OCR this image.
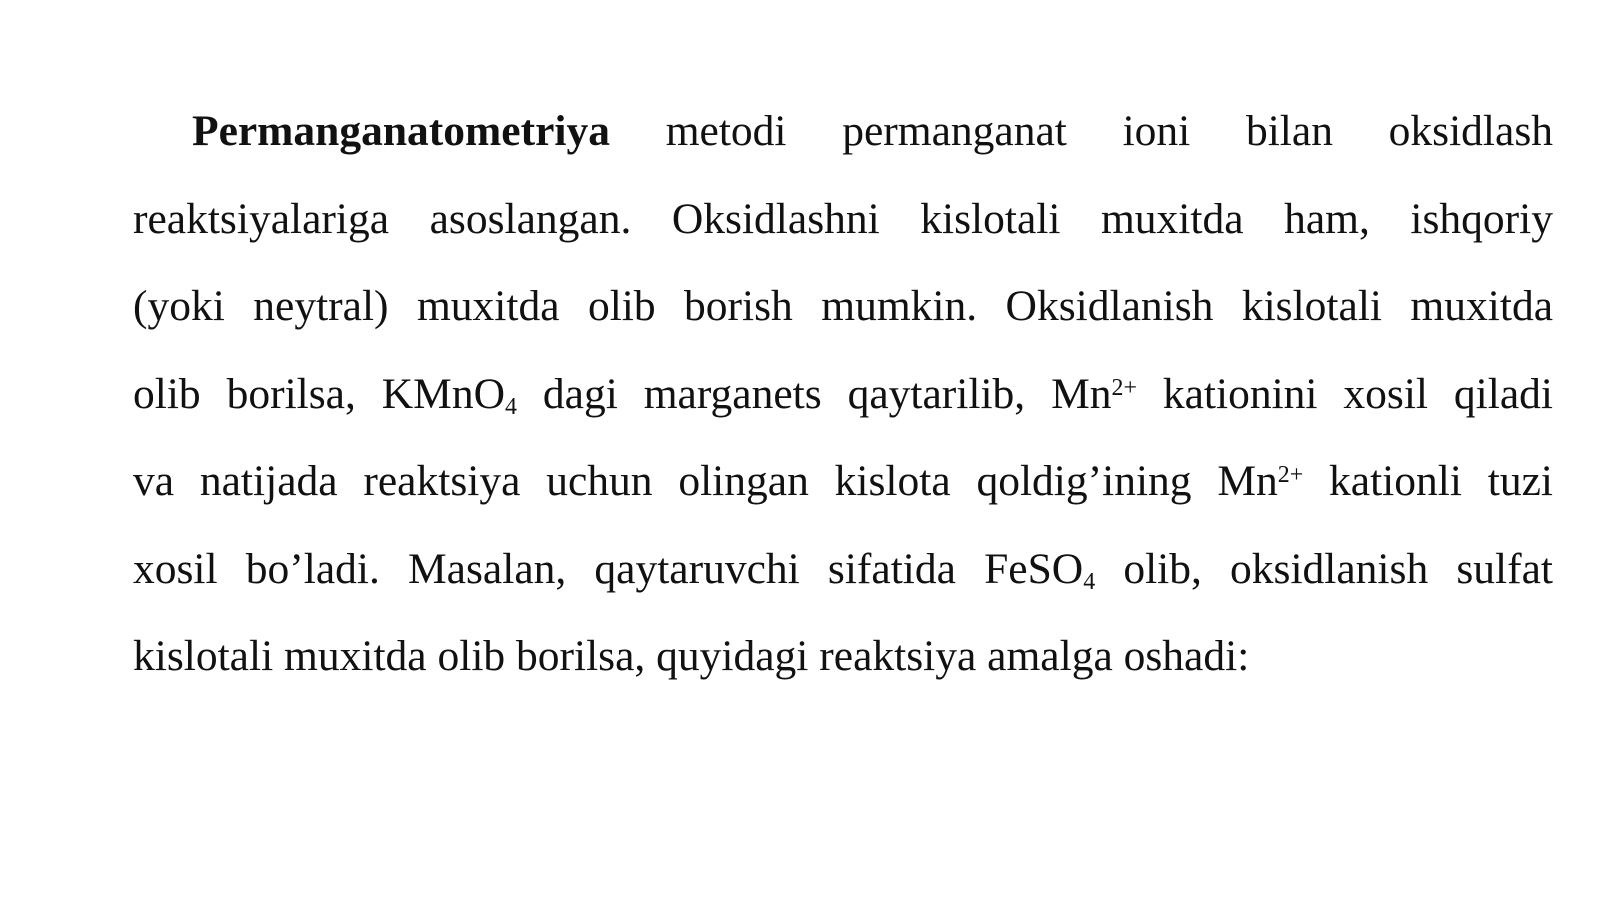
Permanganatometriya metodi permanganat ioni bilan oksidlash
reaktsiyalariga asoslangan. Oksidlashni kislotali muxitda ham, ishqoriy
(yoki neytral) muxitda olib borish mumkin. Oksidlanish kislotali muxitda
olib borilsa, KMnO$_4$ dagi marganets qaytarilib, $Mn^{2+}$ kationini xosil qiladi
va natijada reaktsiya uchun olingan kislota qoldig’ining $Mn^{2+}$ kationli tuzi
xosil bo’ladi. Masalan, qaytaruvchi sifatida FeSO$_4$ olib, oksidlanish sulfat
kislotali muxitda olib borilsa, quyidagi reaktsiya amalga oshadi:
